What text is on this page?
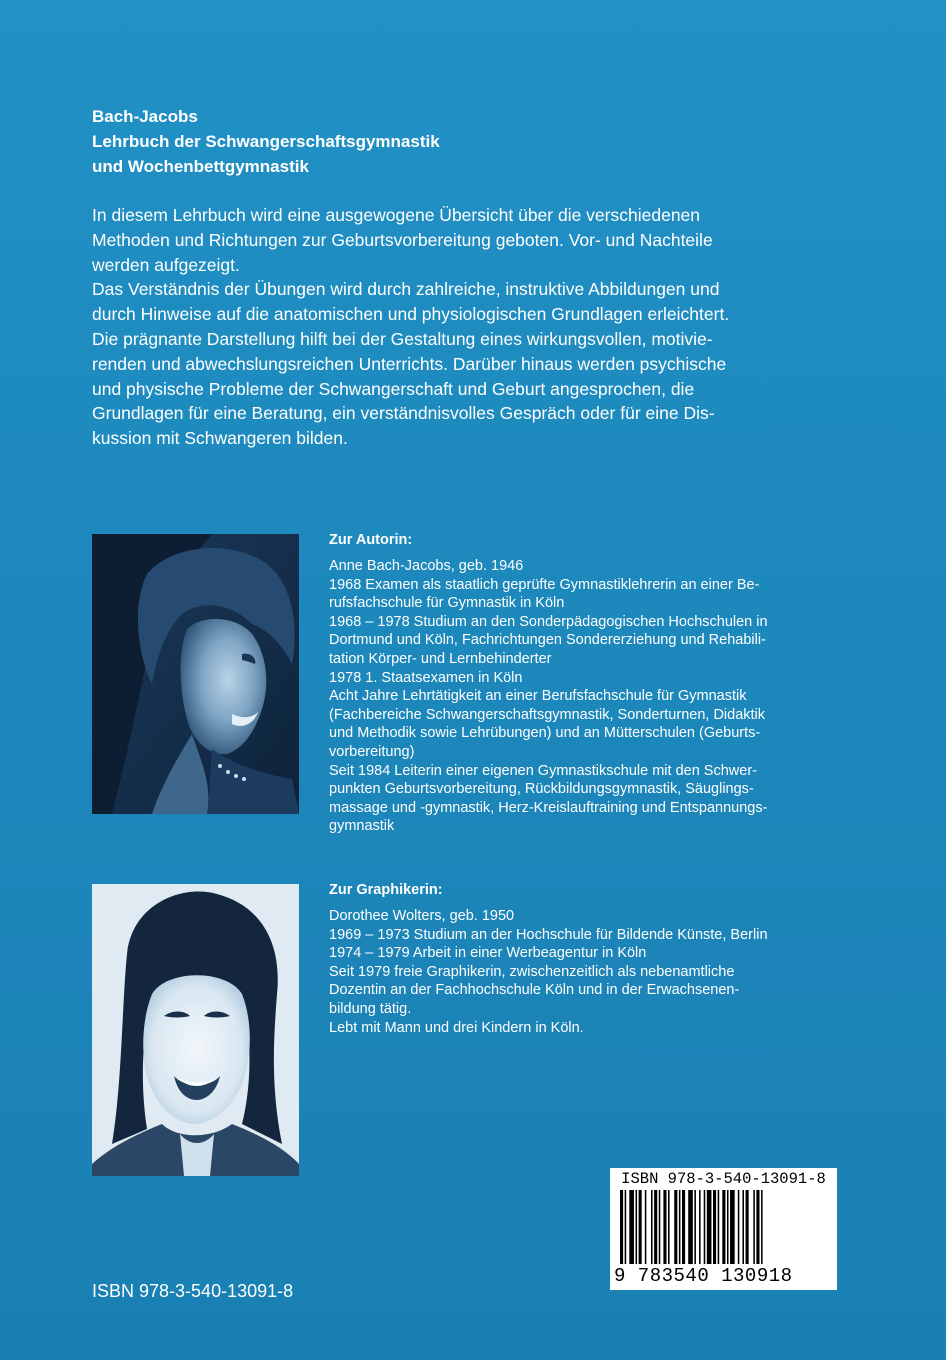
Bach-Jacobs
Lehrbuch der Schwangerschaftsgymnastik
und Wochenbettgymnastik
In diesem Lehrbuch wird eine ausgewogene Übersicht über die verschiedenen
Methoden und Richtungen zur Geburtsvorbereitung geboten. Vor- und Nachteile
werden aufgezeigt.
Das Verständnis der Übungen wird durch zahlreiche, instruktive Abbildungen und
durch Hinweise auf die anatomischen und physiologischen Grundlagen erleichtert.
Die prägnante Darstellung hilft bei der Gestaltung eines wirkungsvollen, motivie-
renden und abwechslungsreichen Unterrichts. Darüber hinaus werden psychische
und physische Probleme der Schwangerschaft und Geburt angesprochen, die
Grundlagen für eine Beratung, ein verständnisvolles Gespräch oder für eine Dis-
kussion mit Schwangeren bilden.
Zur Autorin:
Anne Bach-Jacobs, geb. 1946
1968 Examen als staatlich geprüfte Gymnastiklehrerin an einer Be-
rufsfachschule für Gymnastik in Köln
1968 – 1978 Studium an den Sonderpädagogischen Hochschulen in
Dortmund und Köln, Fachrichtungen Sondererziehung und Rehabili-
tation Körper- und Lernbehinderter
1978 1. Staatsexamen in Köln
Acht Jahre Lehrtätigkeit an einer Berufsfachschule für Gymnastik
(Fachbereiche Schwangerschaftsgymnastik, Sonderturnen, Didaktik
und Methodik sowie Lehrübungen) und an Mütterschulen (Geburts-
vorbereitung)
Seit 1984 Leiterin einer eigenen Gymnastikschule mit den Schwer-
punkten Geburtsvorbereitung, Rückbildungsgymnastik, Säuglings-
massage und -gymnastik, Herz-Kreislauftraining und Entspannungs-
gymnastik
Zur Graphikerin:
Dorothee Wolters, geb. 1950
1969 – 1973 Studium an der Hochschule für Bildende Künste, Berlin
1974 – 1979 Arbeit in einer Werbeagentur in Köln
Seit 1979 freie Graphikerin, zwischenzeitlich als nebenamtliche
Dozentin an der Fachhochschule Köln und in der Erwachsenen-
bildung tätig.
Lebt mit Mann und drei Kindern in Köln.
ISBN 978-3-540-13091-8
ISBN 978-3-540-13091-8
9 783540 130918
